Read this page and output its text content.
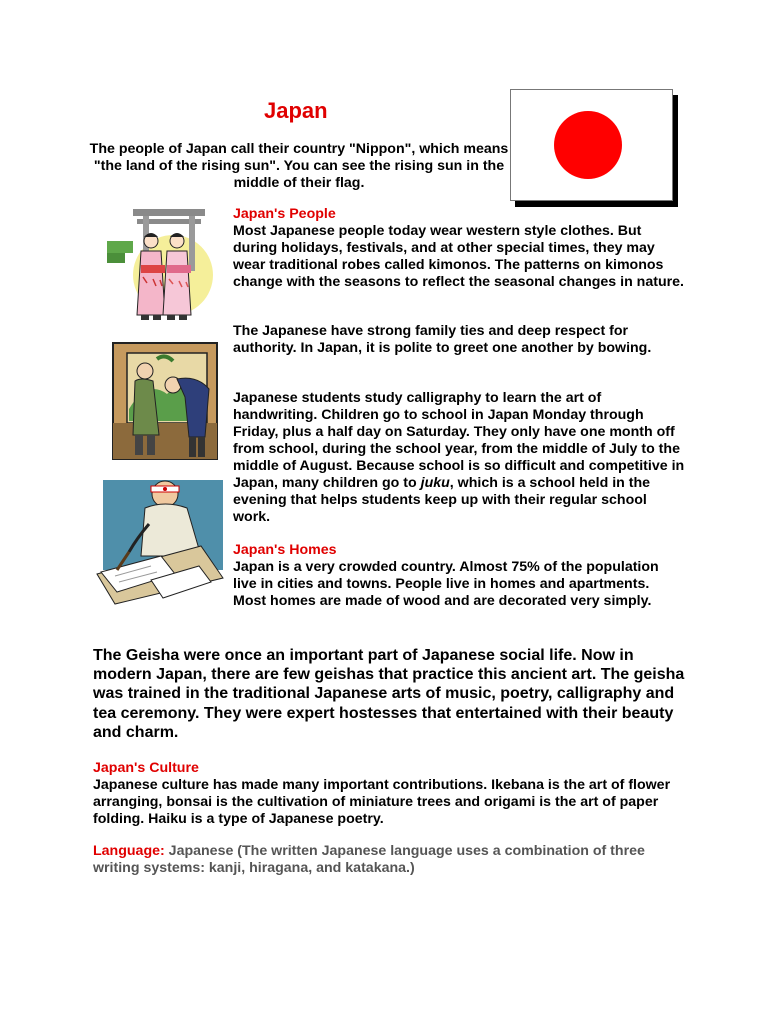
Japan

The people of Japan call their country "Nippon", which means "the land of the rising sun". You can see the rising sun in the middle of their flag.

Japan's People

Most Japanese people today wear western style clothes. But during holidays, festivals, and at other special times, they may wear traditional robes called kimonos. The patterns on kimonos change with the seasons to reflect the seasonal changes in nature.

The Japanese have strong family ties and deep respect for authority. In Japan, it is polite to greet one another by bowing.

Japanese students study calligraphy to learn the art of handwriting. Children go to school in Japan Monday through Friday, plus a half day on Saturday. They only have one month off from school, during the school year, from the middle of July to the middle of August. Because school is so difficult and competitive in Japan, many children go to juku, which is a school held in the evening that helps students keep up with their regular school work.

Japan's Homes

Japan is a very crowded country. Almost 75% of the population live in cities and towns. People live in homes and apartments. Most homes are made of wood and are decorated very simply.

The Geisha were once an important part of Japanese social life. Now in modern Japan, there are few geishas that practice this ancient art. The geisha was trained in the traditional Japanese arts of music, poetry, calligraphy and tea ceremony. They were expert hostesses that entertained with their beauty and charm.

Japan's Culture

Japanese culture has made many important contributions. Ikebana is the art of flower arranging, bonsai is the cultivation of miniature trees and origami is the art of paper folding. Haiku is a type of Japanese poetry.

Language: Japanese (The written Japanese language uses a combination of three writing systems: kanji, hiragana, and katakana.)
